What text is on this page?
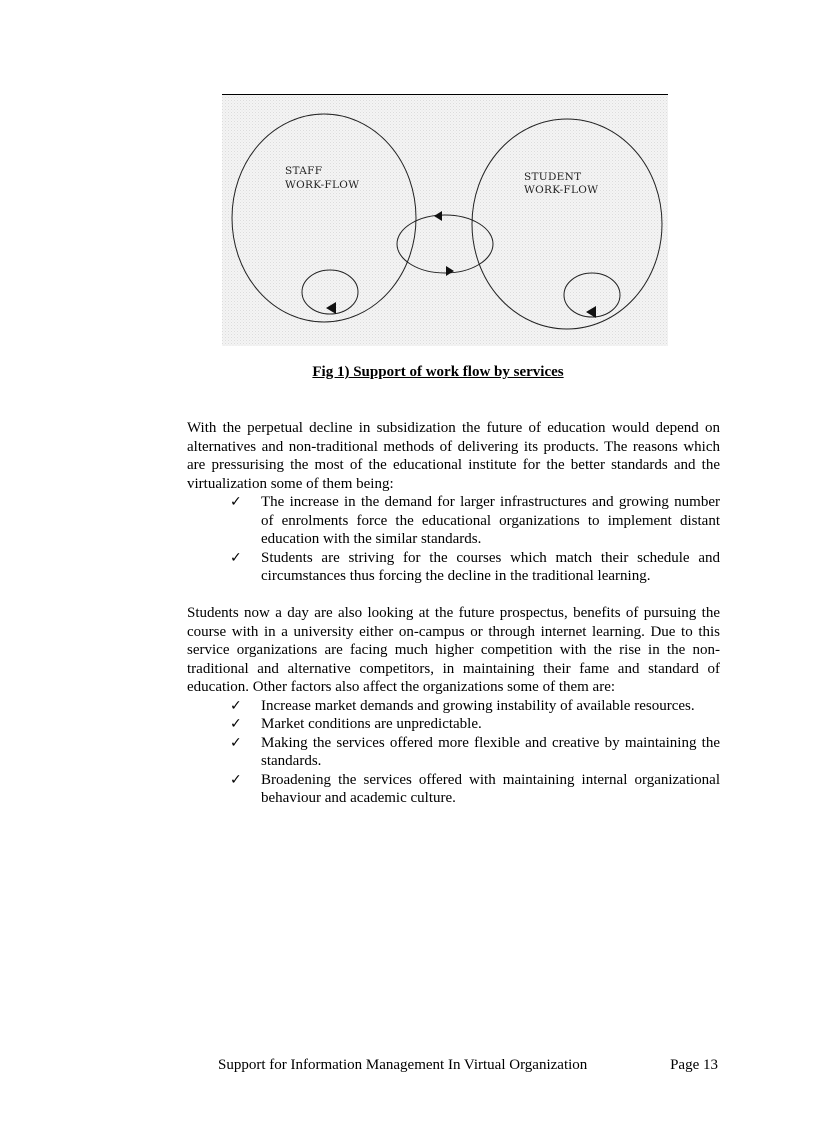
STAFF
WORK-FLOW
STUDENT
WORK-FLOW
Fig 1) Support of work flow by services

With the perpetual decline in subsidization the future of education would depend on alternatives and non-traditional methods of delivering its products. The reasons which are pressurising the most of the educational institute for the better standards and the virtualization some of them being:

✓ The increase in the demand for larger infrastructures and growing number of enrolments force the educational organizations to implement distant education with the similar standards.
✓ Students are striving for the courses which match their schedule and circumstances thus forcing the decline in the traditional learning.

Students now a day are also looking at the future prospectus, benefits of pursuing the course with in a university either on-campus or through internet learning. Due to this service organizations are facing much higher competition with the rise in the non-traditional and alternative competitors, in maintaining their fame and standard of education. Other factors also affect the organizations some of them are:

✓ Increase market demands and growing instability of available resources.
✓ Market conditions are unpredictable.
✓ Making the services offered more flexible and creative by maintaining the standards.
✓ Broadening the services offered with maintaining internal organizational behaviour and academic culture.
Support for Information Management In Virtual Organization	Page 13
